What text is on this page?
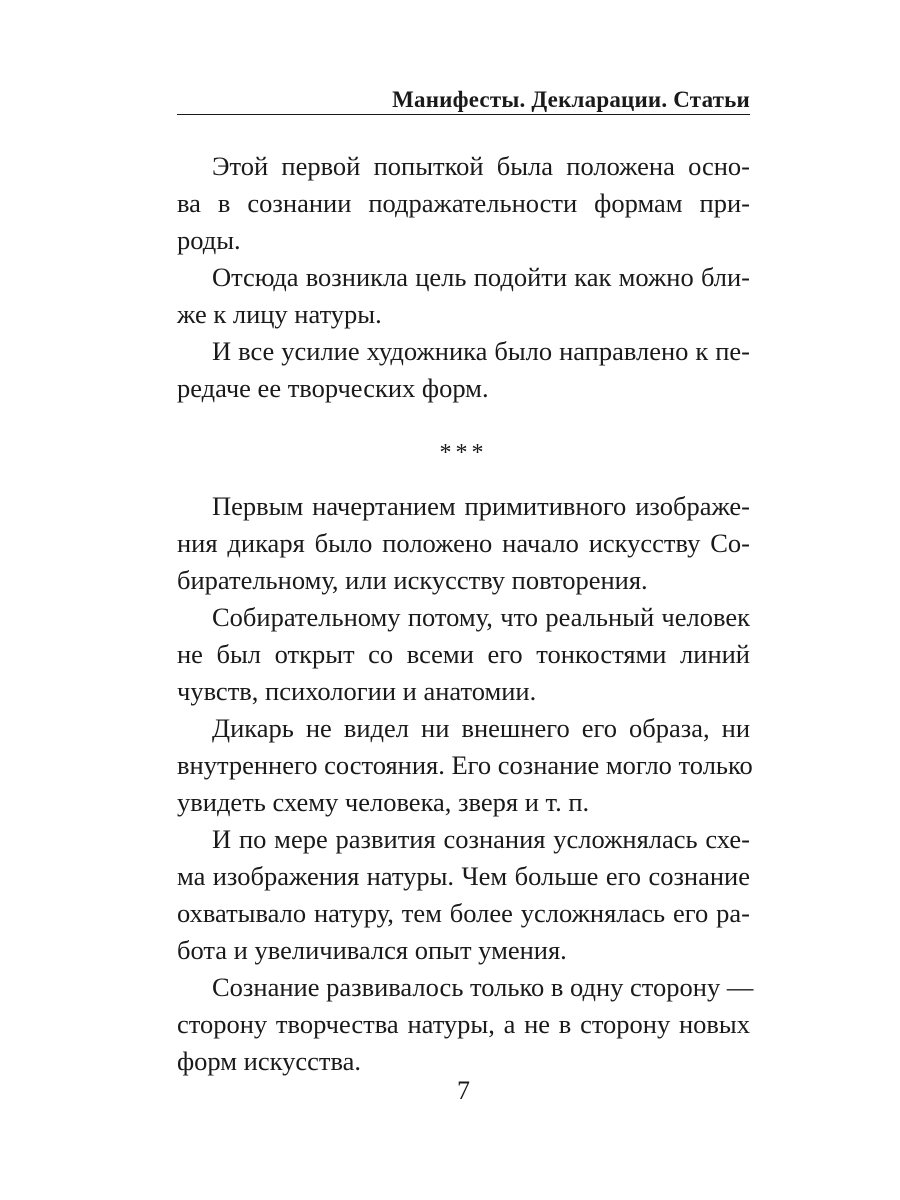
Манифесты. Декларации. Статьи
Этой первой попыткой была положена осно-
ва в сознании подражательности формам при-
роды.
Отсюда возникла цель подойти как можно бли-
же к лицу натуры.
И все усилие художника было направлено к пе-
редаче ее творческих форм.
***
Первым начертанием примитивного изображе-
ния дикаря было положено начало искусству Со-
бирательному, или искусству повторения.
Собирательному потому, что реальный человек
не был открыт со всеми его тонкостями линий
чувств, психологии и анатомии.
Дикарь не видел ни внешнего его образа, ни
внутреннего состояния. Его сознание могло только
увидеть схему человека, зверя и т. п.
И по мере развития сознания усложнялась схе-
ма изображения натуры. Чем больше его сознание
охватывало натуру, тем более усложнялась его ра-
бота и увеличивался опыт умения.
Сознание развивалось только в одну сторону —
сторону творчества натуры, а не в сторону новых
форм искусства.
7
